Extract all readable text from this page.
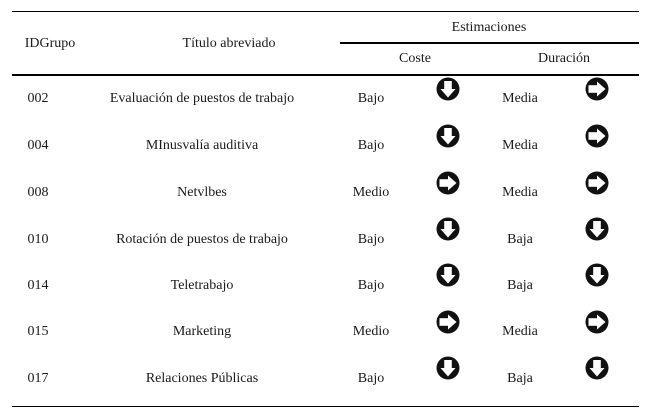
IDGrupo	Título abreviado
Estimaciones
Coste	Duración
002	Evaluación de puestos de trabajo	Bajo	Media
004	MInusvalía auditiva	Bajo	Media
008	Netvlbes	Medio	Media
010	Rotación de puestos de trabajo	Bajo	Baja
014	Teletrabajo	Bajo	Baja
015	Marketing	Medio	Media
017	Relaciones Públicas	Bajo	Baja
